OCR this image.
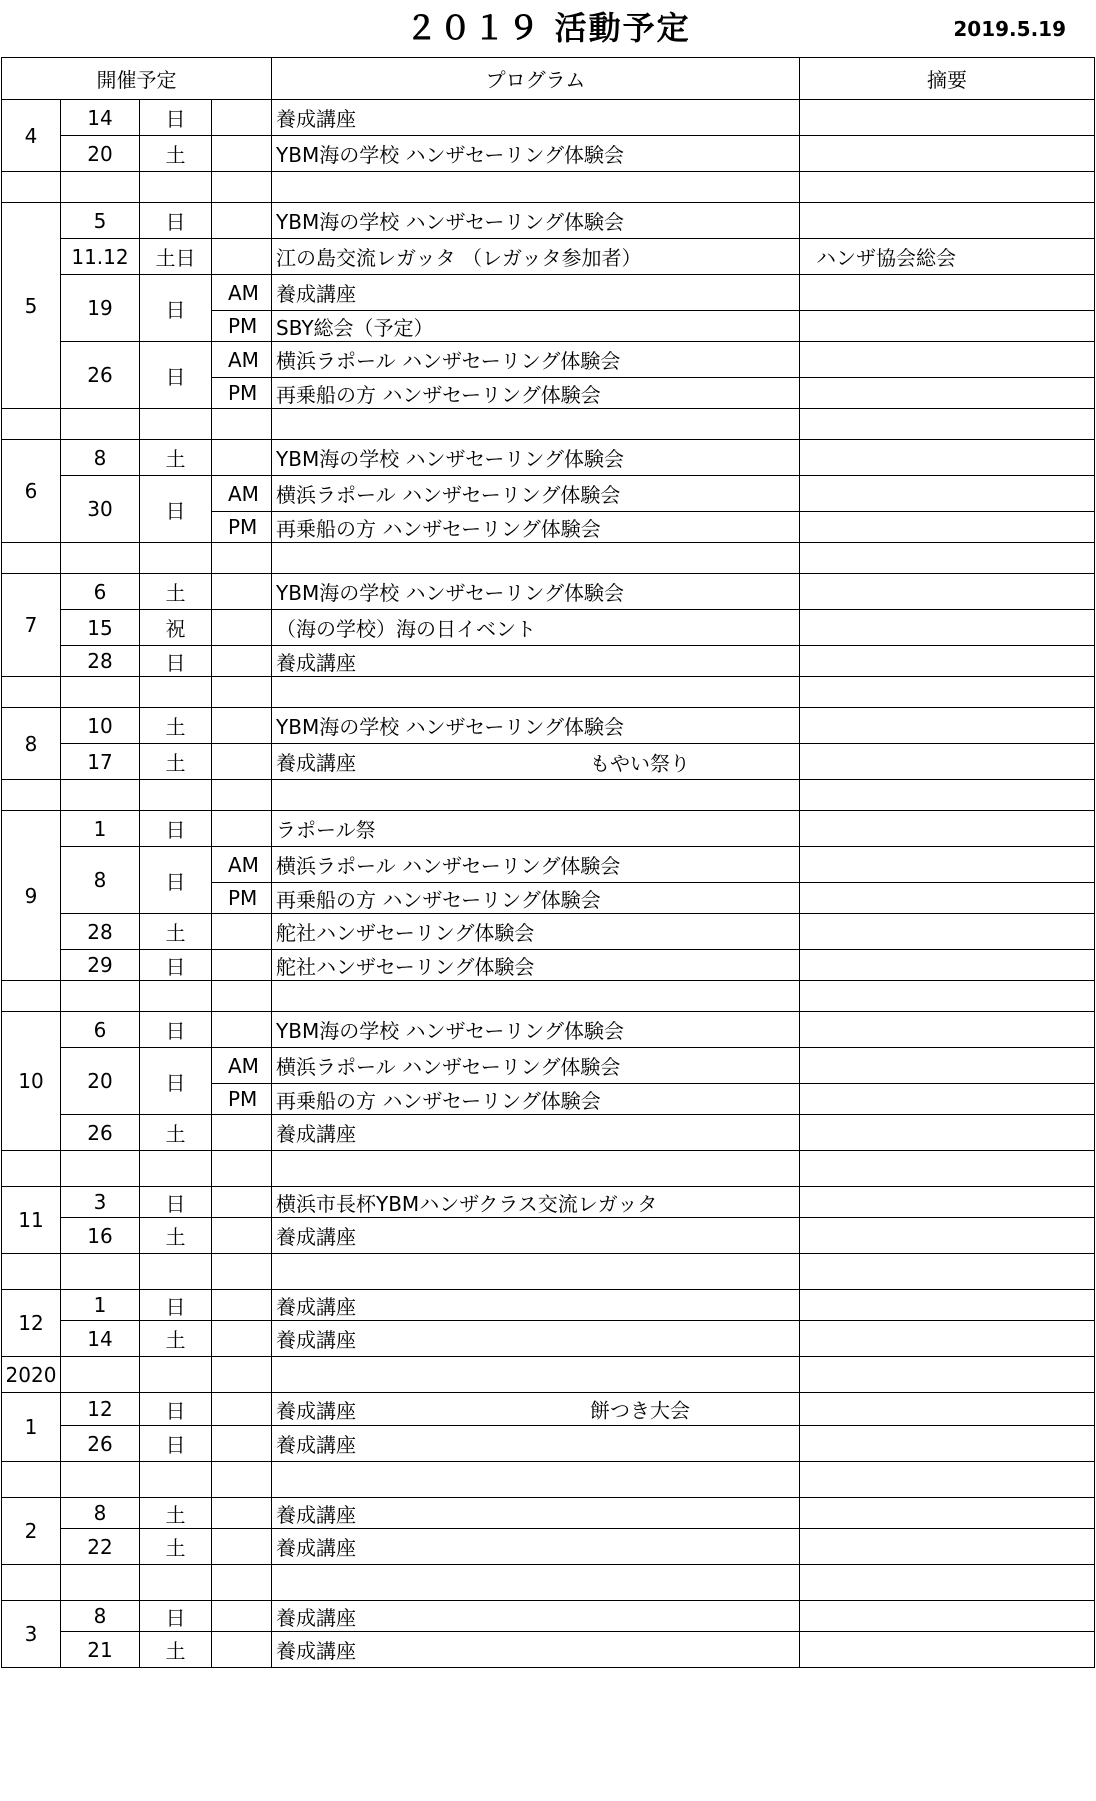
２０１９ 活動予定	2019.5.19
開催予定				プログラム	摘要
4	14	日		養成講座	
	20	土		YBM海の学校 ハンザセーリング体験会	

5	5	日		YBM海の学校 ハンザセーリング体験会	
	11.12	土日		江の島交流レガッタ （レガッタ参加者）	ハンザ協会総会
	19	日	AM	養成講座	
			PM	SBY総会（予定）	
	26	日	AM	横浜ラポール ハンザセーリング体験会	
			PM	再乗船の方 ハンザセーリング体験会	

6	8	土		YBM海の学校 ハンザセーリング体験会	
	30	日	AM	横浜ラポール ハンザセーリング体験会	
			PM	再乗船の方 ハンザセーリング体験会	

7	6	土		YBM海の学校 ハンザセーリング体験会	
	15	祝		（海の学校）海の日イベント	
	28	日		養成講座	

8	10	土		YBM海の学校 ハンザセーリング体験会	
	17	土		養成講座 もやい祭り	

9	1	日		ラポール祭	
	8	日	AM	横浜ラポール ハンザセーリング体験会	
			PM	再乗船の方 ハンザセーリング体験会	
	28	土		舵社ハンザセーリング体験会	
	29	日		舵社ハンザセーリング体験会	

10	6	日		YBM海の学校 ハンザセーリング体験会	
	20	日	AM	横浜ラポール ハンザセーリング体験会	
			PM	再乗船の方 ハンザセーリング体験会	
	26	土		養成講座	

11	3	日		横浜市長杯YBMハンザクラス交流レガッタ	
	16	土		養成講座	

12	1	日		養成講座	
	14	土		養成講座	
2020					
1	12	日		養成講座 餅つき大会	

	26	日		養成講座	

2	8	土		養成講座	
	22	土		養成講座	

3	8	日		養成講座	
	21	土		養成講座	
